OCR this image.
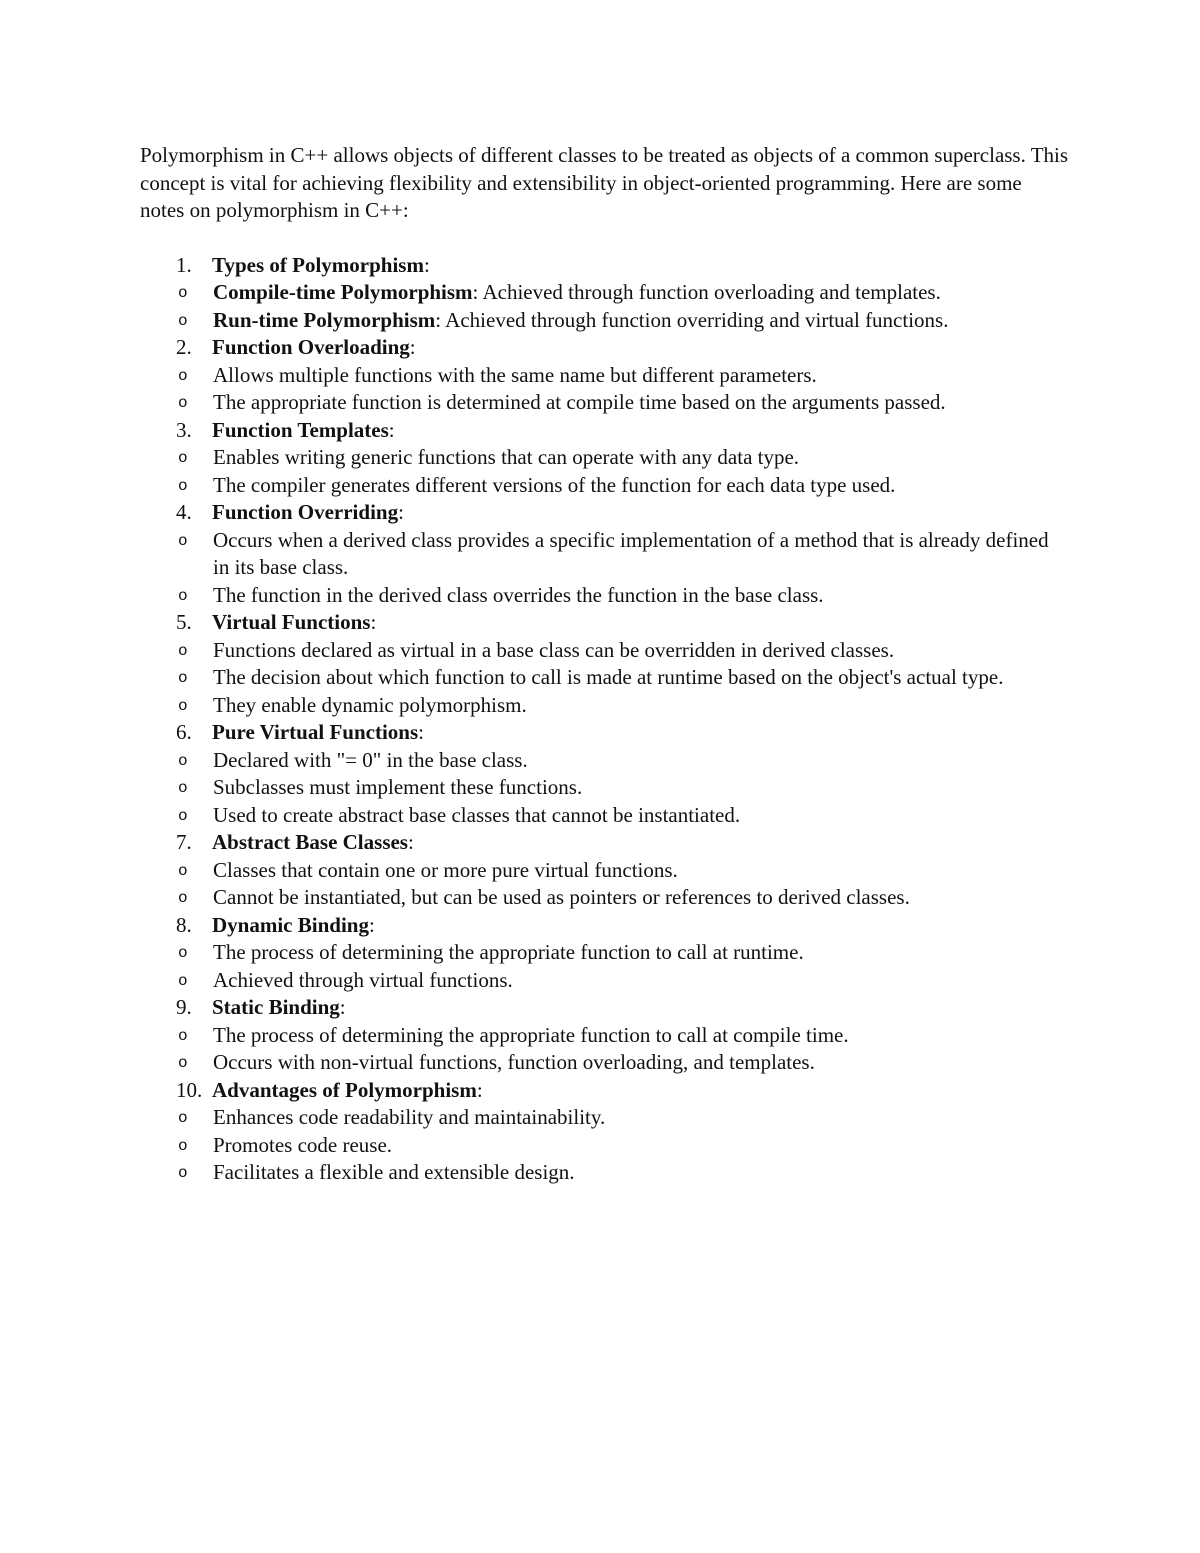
Polymorphism in C++ allows objects of different classes to be treated as objects of a common superclass. This concept is vital for achieving flexibility and extensibility in object-oriented programming. Here are some notes on polymorphism in C++:

1. Types of Polymorphism:
o Compile-time Polymorphism: Achieved through function overloading and templates.
o Run-time Polymorphism: Achieved through function overriding and virtual functions.
2. Function Overloading:
o Allows multiple functions with the same name but different parameters.
o The appropriate function is determined at compile time based on the arguments passed.
3. Function Templates:
o Enables writing generic functions that can operate with any data type.
o The compiler generates different versions of the function for each data type used.
4. Function Overriding:
o Occurs when a derived class provides a specific implementation of a method that is already defined in its base class.
o The function in the derived class overrides the function in the base class.
5. Virtual Functions:
o Functions declared as virtual in a base class can be overridden in derived classes.
o The decision about which function to call is made at runtime based on the object's actual type.
o They enable dynamic polymorphism.
6. Pure Virtual Functions:
o Declared with "= 0" in the base class.
o Subclasses must implement these functions.
o Used to create abstract base classes that cannot be instantiated.
7. Abstract Base Classes:
o Classes that contain one or more pure virtual functions.
o Cannot be instantiated, but can be used as pointers or references to derived classes.
8. Dynamic Binding:
o The process of determining the appropriate function to call at runtime.
o Achieved through virtual functions.
9. Static Binding:
o The process of determining the appropriate function to call at compile time.
o Occurs with non-virtual functions, function overloading, and templates.
10. Advantages of Polymorphism:
o Enhances code readability and maintainability.
o Promotes code reuse.
o Facilitates a flexible and extensible design.
